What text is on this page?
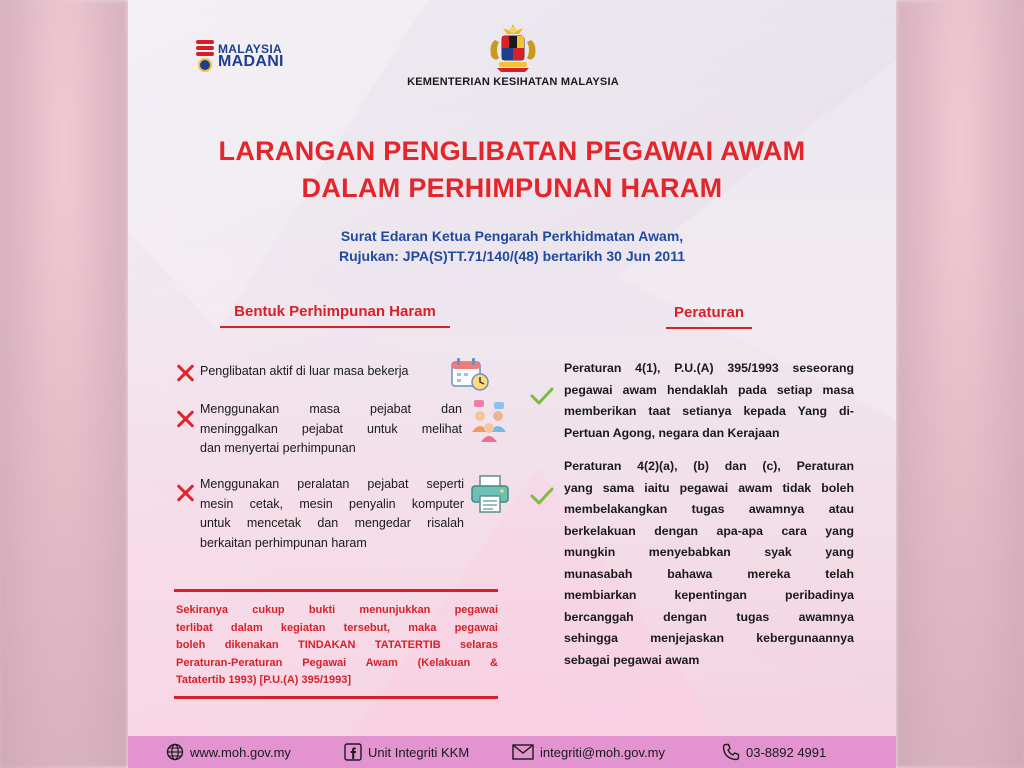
MALAYSIA
MADANI
KEMENTERIAN KESIHATAN MALAYSIA
LARANGAN PENGLIBATAN PEGAWAI AWAM
DALAM PERHIMPUNAN HARAM
Surat Edaran Ketua Pengarah Perkhidmatan Awam,
Rujukan: JPA(S)TT.71/140/(48) bertarikh 30 Jun 2011
Bentuk Perhimpunan Haram	Peraturan
Penglibatan aktif di luar masa bekerja
Menggunakan masa pejabat dan
meninggalkan pejabat untuk melihat
dan menyertai perhimpunan
Menggunakan peralatan pejabat seperti
mesin cetak, mesin penyalin komputer
untuk mencetak dan mengedar risalah
berkaitan perhimpunan haram
Sekiranya cukup bukti menunjukkan pegawai
terlibat dalam kegiatan tersebut, maka pegawai
boleh dikenakan TINDAKAN TATATERTIB selaras
Peraturan-Peraturan Pegawai Awam (Kelakuan &
Tatatertib 1993) [P.U.(A) 395/1993]
Peraturan 4(1), P.U.(A) 395/1993 seseorang
pegawai awam hendaklah pada setiap masa
memberikan taat setianya kepada Yang di-
Pertuan Agong, negara dan Kerajaan
Peraturan 4(2)(a), (b) dan (c), Peraturan
yang sama iaitu pegawai awam tidak boleh
membelakangkan tugas awamnya atau
berkelakuan dengan apa-apa cara yang
mungkin menyebabkan syak yang
munasabah bahawa mereka telah
membiarkan kepentingan peribadinya
bercanggah dengan tugas awamnya
sehingga menjejaskan kebergunaannya
sebagai pegawai awam
www.moh.gov.my	Unit Integriti KKM	integriti@moh.gov.my	03-8892 4991
